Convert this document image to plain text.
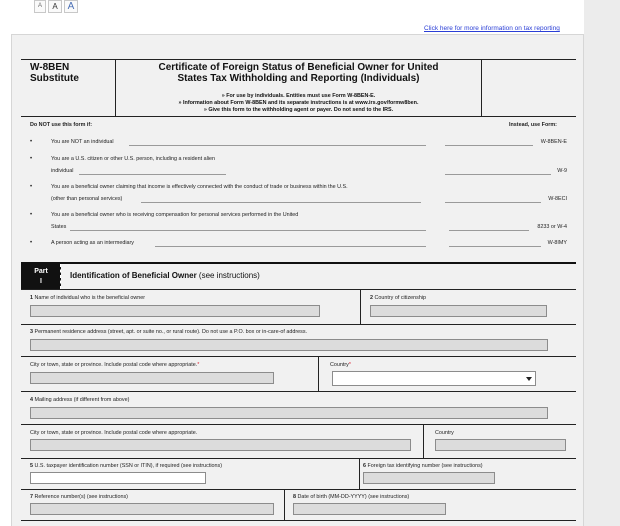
A	A A
Click here for more information on tax reporting
W-8BEN
Substitute
Certificate of Foreign Status of Beneficial Owner for United
States Tax Withholding and Reporting (Individuals)
» For use by individuals. Entities must use Form W-8BEN-E.
» Information about Form W-8BEN and its separate instructions is at www.irs.gov/formw8ben.
» Give this form to the withholding agent or payer. Do not send to the IRS.
Do NOT use this form if:	Instead, use Form:
•	You are NOT an individual	W-8BEN-E
•	You are a U.S. citizen or other U.S. person, including a resident alien
individual	W-9
•	You are a beneficial owner claiming that income is effectively connected with the conduct of trade or business within the U.S.
(other than personal services)	W-8ECI
•	You are a beneficial owner who is receiving compensation for personal services performed in the United
States	8233 or W-4
•	A person acting as an intermediary	W-8IMY
Part
I
Identification of Beneficial Owner (see instructions)
1 Name of individual who is the beneficial owner	2 Country of citizenship
3 Permanent residence address (street, apt. or suite no., or rural route). Do not use a P.O. box or in-care-of address.
City or town, state or province. Include postal code where appropriate.*	Country*
4 Mailing address (if different from above)
City or town, state or province. Include postal code where appropriate.	Country
5 U.S. taxpayer identification number (SSN or ITIN), if required (see instructions)	6 Foreign tax identifying number (see instructions)
7 Reference number(s) (see instructions)	8 Date of birth (MM-DD-YYYY) (see instructions)
